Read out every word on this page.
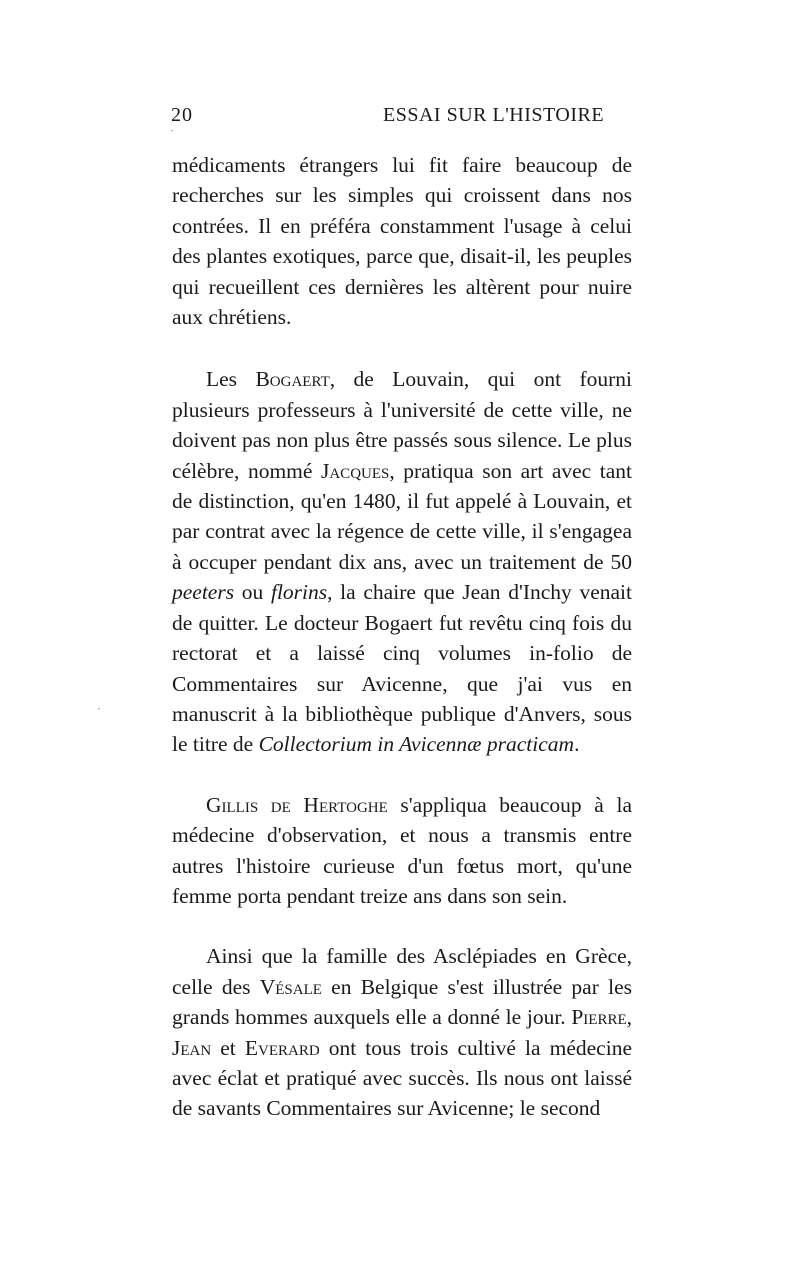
20	ESSAI SUR L'HISTOIRE

médicaments étrangers lui fit faire beaucoup de recherches sur les simples qui croissent dans nos contrées. Il en préféra constamment l'usage à celui des plantes exotiques, parce que, disait-il, les peuples qui recueillent ces dernières les altèrent pour nuire aux chrétiens.

Les Bogaert, de Louvain, qui ont fourni plusieurs professeurs à l'université de cette ville, ne doivent pas non plus être passés sous silence. Le plus célèbre, nommé Jacques, pratiqua son art avec tant de distinction, qu'en 1480, il fut appelé à Louvain, et par contrat avec la régence de cette ville, il s'engagea à occuper pendant dix ans, avec un traitement de 50 peeters ou florins, la chaire que Jean d'Inchy venait de quitter. Le docteur Bogaert fut revêtu cinq fois du rectorat et a laissé cinq volumes in-folio de Commentaires sur Avicenne, que j'ai vus en manuscrit à la bibliothèque publique d'Anvers, sous le titre de Collectorium in Avicennæ practicam.

Gillis de Hertoghe s'appliqua beaucoup à la médecine d'observation, et nous a transmis entre autres l'histoire curieuse d'un fœtus mort, qu'une femme porta pendant treize ans dans son sein.

Ainsi que la famille des Asclépiades en Grèce, celle des Vésale en Belgique s'est illustrée par les grands hommes auxquels elle a donné le jour. Pierre, Jean et Everard ont tous trois cultivé la médecine avec éclat et pratiqué avec succès. Ils nous ont laissé de savants Commentaires sur Avicenne; le second

·
·
